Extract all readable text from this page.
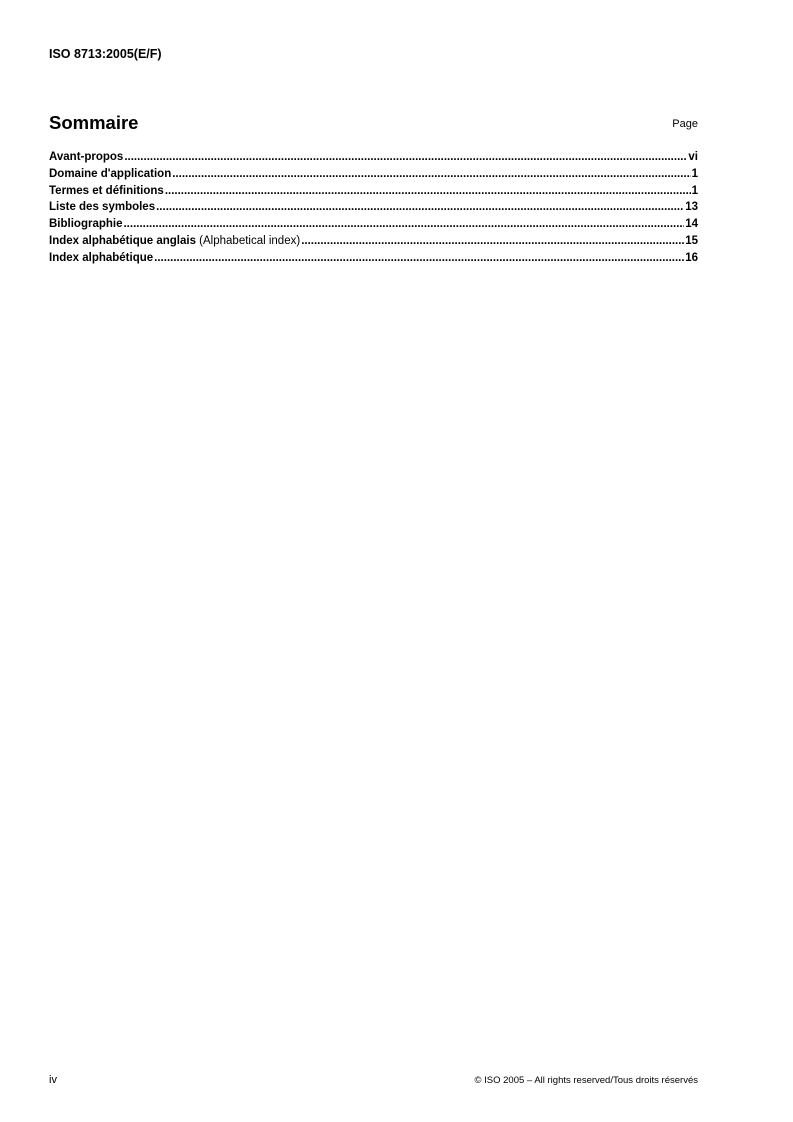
ISO 8713:2005(E/F)
Sommaire	Page
Avant-propos .....	vi
Domaine d'application .....	1
Termes et définitions .....	1
Liste des symboles .....	13
Bibliographie .....	14
Index alphabétique anglais (Alphabetical index) .....	15
Index alphabétique .....	16
iv	© ISO 2005 – All rights reserved/Tous droits réservés
